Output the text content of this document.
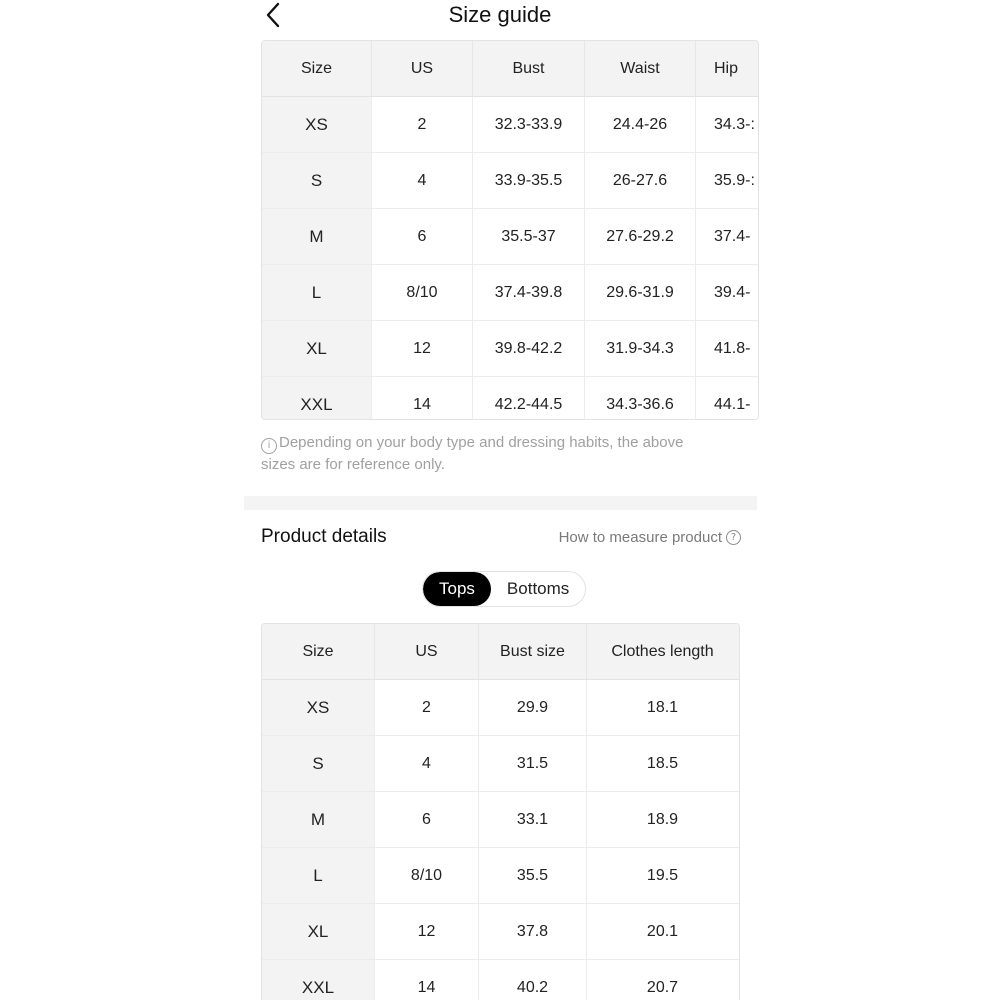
Size guide
Size	US	Bust	Waist	Hip
XS	2	32.3-33.9	24.4-26	34.3-:
S	4	33.9-35.5	26-27.6	35.9-:
M	6	35.5-37	27.6-29.2	37.4-
L	8/10	37.4-39.8	29.6-31.9	39.4-
XL	12	39.8-42.2	31.9-34.3	41.8-
XXL	14	42.2-44.5	34.3-36.6	44.1-
i Depending on your body type and dressing habits, the above sizes are for reference only.
Product details	How to measure product ?
Tops	Bottoms
Size	US	Bust size	Clothes length
XS	2	29.9	18.1
S	4	31.5	18.5
M	6	33.1	18.9
L	8/10	35.5	19.5
XL	12	37.8	20.1
XXL	14	40.2	20.7
